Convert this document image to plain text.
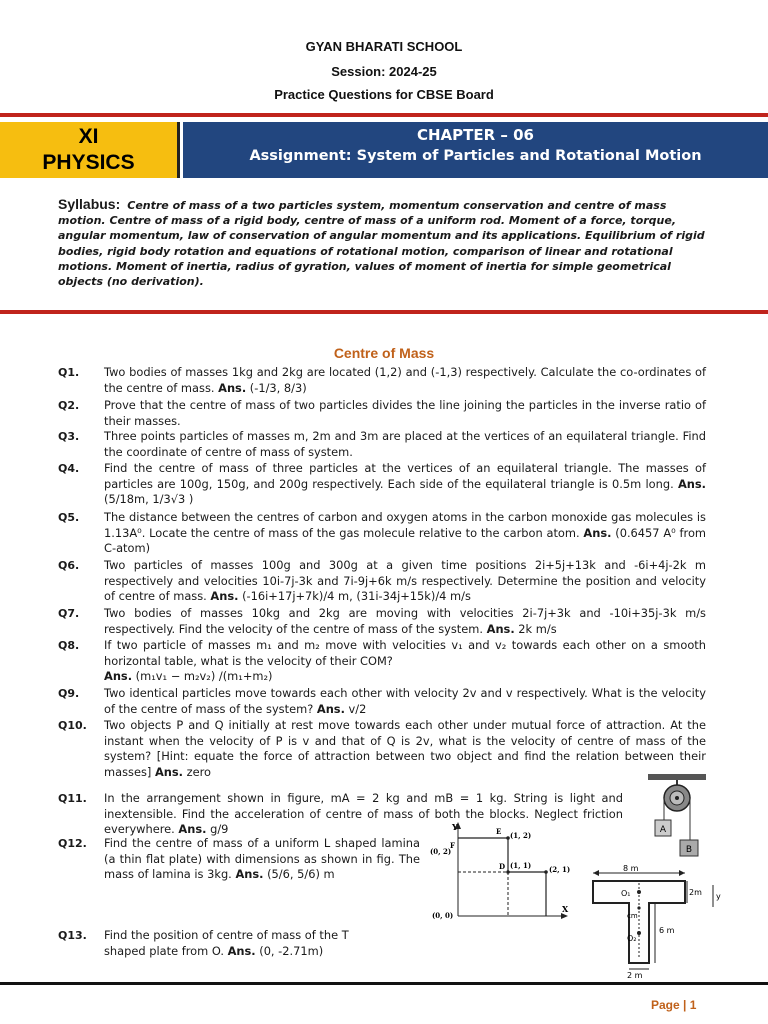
GYAN BHARATI SCHOOL
Session: 2024-25
Practice Questions for CBSE Board
XI
PHYSICS
CHAPTER – 06
Assignment: System of Particles and Rotational Motion
Syllabus: Centre of mass of a two particles system, momentum conservation and centre of mass motion. Centre of mass of a rigid body, centre of mass of a uniform rod. Moment of a force, torque, angular momentum, law of conservation of angular momentum and its applications. Equilibrium of rigid bodies, rigid body rotation and equations of rotational motion, comparison of linear and rotational motions. Moment of inertia, radius of gyration, values of moment of inertia for simple geometrical objects (no derivation).
Centre of Mass
Q1. Two bodies of masses 1kg and 2kg are located (1,2) and (-1,3) respectively. Calculate the co-ordinates of the centre of mass. Ans. (-1/3, 8/3)
Q2. Prove that the centre of mass of two particles divides the line joining the particles in the inverse ratio of their masses.
Q3. Three points particles of masses m, 2m and 3m are placed at the vertices of an equilateral triangle. Find the coordinate of centre of mass of system.
Q4. Find the centre of mass of three particles at the vertices of an equilateral triangle. The masses of particles are 100g, 150g, and 200g respectively. Each side of the equilateral triangle is 0.5m long. Ans. (5/18m, 1/3√3 )
Q5. The distance between the centres of carbon and oxygen atoms in the carbon monoxide gas molecules is 1.13A⁰. Locate the centre of mass of the gas molecule relative to the carbon atom. Ans. (0.6457 A⁰ from C-atom)
Q6. Two particles of masses 100g and 300g at a given time positions 2i+5j+13k and -6i+4j-2k m respectively and velocities 10i-7j-3k and 7i-9j+6k m/s respectively. Determine the position and velocity of centre of mass. Ans. (-16i+17j+7k)/4 m, (31i-34j+15k)/4 m/s
Q7. Two bodies of masses 10kg and 2kg are moving with velocities 2i-7j+3k and -10i+35j-3k m/s respectively. Find the velocity of the centre of mass of the system. Ans. 2k m/s
Q8. If two particle of masses m₁ and m₂ move with velocities v₁ and v₂ towards each other on a smooth horizontal table, what is the velocity of their COM?
Ans. (m₁v₁ − m₂v₂) /(m₁+m₂)
Q9. Two identical particles move towards each other with velocity 2v and v respectively. What is the velocity of the centre of mass of the system? Ans. v/2
Q10. Two objects P and Q initially at rest move towards each other under mutual force of attraction. At the instant when the velocity of P is v and that of Q is 2v, what is the velocity of centre of mass of the system? [Hint: equate the force of attraction between two object and find the relation between their masses] Ans. zero
Q11. In the arrangement shown in figure, mA = 2 kg and mB = 1 kg. String is light and inextensible. Find the acceleration of centre of mass of both the blocks. Neglect friction everywhere. Ans. g/9
Q12. Find the centre of mass of a uniform L shaped lamina (a thin flat plate) with dimensions as shown in fig. The mass of lamina is 3kg. Ans. (5/6, 5/6) m
Q13. Find the position of centre of mass of the T shaped plate from O. Ans. (0, -2.71m)
A
B
Y
X
(0, 2)
(1, 2)
(1, 1)	(2, 1)
E
F
D
(0, 0)
8 m
2m y
O₁
cm
O₂
6 m
2 m
Page | 1
